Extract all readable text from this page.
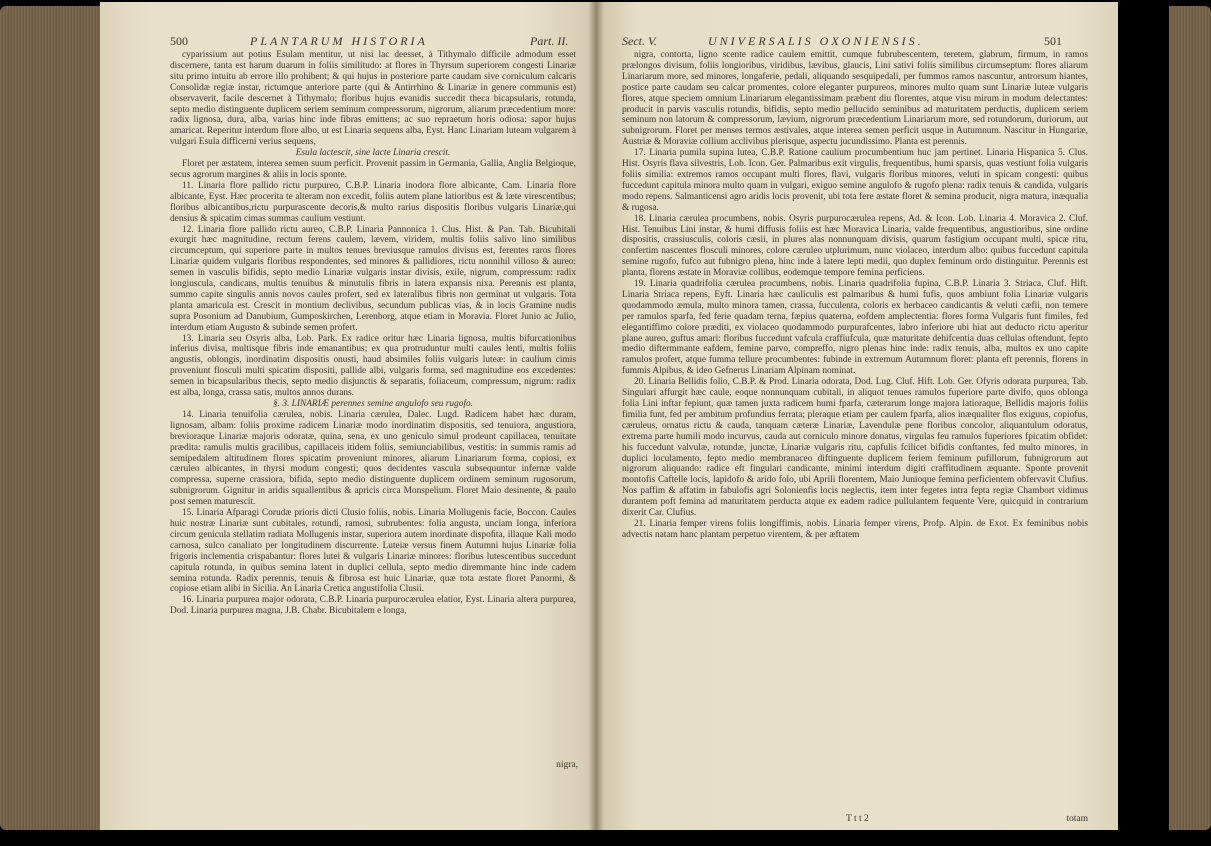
500	PLANTARUM HISTORIA	Part. II.

cyparissium aut potius Esulam mentitur, ut nisi lac deesset, à Tithymalo difficile admodum esset discernere, tanta est harum duarum in foliis similitudo: at flores in Thyrsum superiorem congesti Linariæ situ primo intuitu ab errore illo prohibent; & qui hujus in posteriore parte caudam sive corniculum calcaris Consolidæ regiæ instar, rictumque anteriore parte (qui & Antirrhino & Linariæ in genere communis est) observaverit, facile descernet à Tithymalo; floribus hujus evanidis succedit theca bicapsularis, rotunda, septo medio distinguente duplicem seriem seminum compressorum, nigrorum, aliarum præcedentium more: radix lignosa, dura, alba, varias hinc inde fibras emittens; ac suo repraetum horis odiosa: sapor hujus amaricat. Reperitur interdum flore albo, ut est Linaria sequens alba, Eyst. Hanc Linariam luteam vulgarem à vulgari Esula difficerni verius sequens,

Esula lactescit, sine lacte Linaria crescit.

Floret per æstatem, interea semen suum perficit. Provenit passim in Germania, Gallia, Anglia Belgioque, secus agrorum margines & aliis in locis sponte.

11. Linaria flore pallido rictu purpureo, C.B.P. Linaria inodora flore albicante, Cam. Linaria flore albicante, Eyst. Hæc procerita te alteram non excedit, foliis autem plane latioribus est & læte virescentibus; floribus albicantibus,rictu purpurascente decoris,& multo rarius dispositis floribus vulgaris Linariæ,qui densius & spicatim cimas summas caulium vestiunt.

12. Linaria flore pallido rictu aureo, C.B.P. Linaria Pannonica 1. Clus. Hist. & Pan. Tab. Bicubitali exurgit hæc magnitudine, rectum ferens caulem, lævem, viridem, multis foliis salivo lino similibus circumceptum, qui superiore parte in multos tenues breviusque ramulos divisus est, ferentes raros flores Linariæ quidem vulgaris floribus respondentes, sed minores & pallidiores, rictu nonnihil villoso & aureo: semen in vasculis bifidis, septo medio Linariæ vulgaris instar divisis, exile, nigrum, compressum: radix longiuscula, candicans, multis tenuibus & minutulis fibris in latera expansis nixa. Perennis est planta, summo capite singulis annis novos caules profert, sed ex lateralibus fibris non germinat ut vulgaris. Tota planta amaricula est. Crescit in montium declivibus, secundum publicas vias, & in locis Gramine nudis supra Posonium ad Danubium, Gumposkirchen, Lerenborg, atque etiam in Moravia. Floret Junio ac Julio, interdum etiam Augusto & subinde semen profert.

13. Linaria seu Osyris alba, Lob. Park. Ex radice oritur hæc Linaria lignosa, multis bifurcationibus inferius divisa, multisque fibris inde emanantibus; ex qua protruduntur multi caules lenti, multis foliis angustis, oblongis, inordinatim dispositis onusti, haud absimiles foliis vulgaris luteæ: in caulium cimis proveniunt flosculi multi spicatim dispositi, pallide albi, vulgaris forma, sed magnitudine eos excedentes: semen in bicapsularibus thecis, septo medio disjunctis & separatis, foliaceum, compressum, nigrum: radix est alba, longa, crassa satis, multos annos durans.

§. 3. LINARIÆ perennes semine angulofo seu rugofo.

14. Linaria tenuifolia cærulea, nobis. Linaria cærulea, Dalec. Lugd. Radicem habet hæc duram, lignosam, albam: foliis proxime radicem Linariæ modo inordinatim dispositis, sed tenuiora, angustiora, brevioraque Linariæ majoris odoratæ, quina, sena, ex uno geniculo simul prodeunt capillacea, tenuitate prædita: ramulis multis gracilibus, capillaceis itidem foliis, semiunciabilibus, vestitis: in summis ramis ad semipedalem altitudinem flores spicatim proveniunt minores, aliarum Linariarum forma, copiosi, ex cæruleo albicantes, in thyrsi modum congesti; quos decidentes vascula subsequuntur infernæ valde compressa, superne crassiora, bifida, septo medio distinguente duplicem ordinem seminum rugosorum, subnigrorum. Gignitur in aridis squallentibus & apricis circa Monspelium. Floret Maio desinente, & paulo post semen maturescit.

15. Linaria Afparagi Corudæ prioris dicti Clusio foliis, nobis. Linaria Mollugenis facie, Boccon. Caules huic nostræ Linariæ sunt cubitales, rotundi, ramosi, subrubentes: folia angusta, unciam longa, inferiora circum genicula stellatim radiata Mollugenis instar, superiora autem inordinate dispoﬁta, illaque Kali modo carnosa, sulco canaliato per longitudinem discurrente. Luteiæ versus finem Autumni hujus Linariæ folia frigoris inclementia crispabantur: flores lutei & vulgaris Linariæ minores: floribus lutescentibus succedunt capitula rotunda, in quibus semina latent in duplici cellula, septo medio diremmante hinc inde cadem semina rotunda. Radix perennis, tenuis & fibrosa est huic Linariæ, quæ tota æstate floret Panormi, & copiose etiam alibi in Sicilia. An Linaria Cretica angustifolia Clusii.

16. Linaria purpurea major odorata, C.B.P. Linaria purpurocærulea elatior, Eyst. Linaria altera purpurea, Dod. Linaria purpurea magna, J.B. Chabr. Bicubitalem e longa,

nigra,
Sect. V.	UNIVERSALIS OXONIENSIS.	501

nigra, contorta, ligno scente radice caulem emittit, cumque fubrubescentem, teretem, glabrum, firmum, in ramos prælongos divisum, foliis longioribus, viridibus, lævibus, glaucis, Lini sativi foliis similibus circumseptum: flores aliarum Linariarum more, sed minores, longaferie, pedali, aliquando sesquipedali, per fummos ramos nascuntur, antrorsum hiantes, postice parte caudam seu calcar promentes, colore eleganter purpureos, minores multo quam sunt Linariæ luteæ vulgaris flores, atque speciem omnium Linariarum elegantissimam præbent diu florentes, atque visu mirum in modum delectantes: producit in parvis vasculis rotundis, bifidis, septo medio pellucido seminibus ad maturitatem perductis, duplicem seriem seminum non latorum & compressorum, lævium, nigrorum præcedentium Linariarum more, sed rotundorum, duriorum, aut subnigrorum. Floret per menses termos æstivales, atque interea semen perficit usque in Autumnum. Nascitur in Hungariæ, Austriæ & Moraviæ collium acclivibus plerisque, aspectu jucundissimo. Planta est perennis.

17. Linaria pumila supina lutea, C.B.P. Ratione caulium procumbentium huc jam pertinet. Linaria Hispanica 5. Clus. Hist. Osyris flava silvestris, Lob. Icon. Ger. Palmaribus exit virgulis, frequentibus, humi sparsis, quas vestiunt folia vulgaris foliis similia: extremos ramos occupant multi flores, flavi, vulgaris floribus minores, veluti in spicam congesti: quibus fuccedunt capitula minora multo quam in vulgari, exiguo semine angulofo & rugofo plena: radix tenuis & candida, vulgaris modo repens. Salmanticensi agro aridis locis provenit, ubi tota fere æstate floret & semina producit, nigra matura, inæqualia & rugosa.

18. Linaria cærulea procumbens, nobis. Osyris purpurocærulea repens, Ad. & Icon. Lob. Linaria 4. Moravica 2. Cluf. Hist. Tenuibus Lini instar, & humi diffusis foliis est hæc Moravica Linaria, valde frequentibus, angustioribus, sine ordine dispositis, crassiusculis, coloris cæsii, in plures alas nonnunquam divisis, quarum fastigium occupant multi, spicæ ritu, confertim nascentes flosculi minores, colore cæruleo utplurimum, nunc violaceo, interdum albo: quibus fuccedunt capitula semine rugofo, fufco aut fubnigro plena, hinc inde à latere lepti medii, quo duplex feminum ordo distinguitur. Perennis est planta, florens æstate in Moraviæ collibus, eodemque tempore femina perficiens.

19. Linaria quadrifolia cærulea procumbens, nobis. Linaria quadrifolia fupina, C.B.P. Linaria 3. Striaca, Cluf. Hift. Linaria Striaca repens, Eyft. Linaria hæc cauliculis est palmaribus & humi fufis, quos ambiunt folia Linariæ vulgaris quodammodo æmula, multo minora tamen, crassa, fucculenta, coloris ex herbaceo candicantis & veluti cæfii, non temere per ramulos sparfa, fed ferie quadam terna, fæpius quaterna, eofdem amplectentia: flores forma Vulgaris funt fimiles, fed elegantiffimo colore præditi, ex violaceo quodammodo purpurafcentes, labro inferiore ubi hiat aut deducto rictu aperitur plane aureo, guftus amari: floribus fuccedunt vafcula craffiufcula, quæ maturitate dehifcentia duas cellulas oftendunt, fepto medio diftermmante eafdem, femine parvo, compreffo, nigro plenas hinc inde: radix tenuis, alba, multos ex uno capite ramulos profert, atque fumma tellure procumbentes: fubinde in extremum Autumnum floret: planta eft perennis, florens in fummis Alpibus, & ideo Gefnerus Linariam Alpinam nominat.

20. Linaria Bellidis folio, C.B.P. & Prod. Linaria odorata, Dod. Lug. Cluf. Hift. Lob. Ger. Ofyris odorata purpurea, Tab. Singulari affurgit hæc caule, eoque nonnunquam cubitali, in aliquot tenues ramulos fuperiore parte divifo, quos oblonga folia Lini inftar fepiunt, quæ tamen juxta radicem humi fparfa, cæterarum longe majora latioraque, Bellidis majoris foliis fimilia funt, fed per ambitum profundius ferrata; pleraque etiam per caulem fparfa, alios inæqualiter flos exiguus, copiofus, cæruleus, ornatus rictu & cauda, tanquam cæteræ Linariæ, Lavendulæ pene floribus concolor, aliquantulum odoratus, extrema parte humili modo incurvus, cauda aut corniculo minore donatus, virgulas feu ramulos fuperiores fpicatim obfidet: his fuccedunt valvulæ, rotundæ, junctæ, Linariæ vulgaris ritu, capfulis fcilicet bifidis conftantes, fed multo minores, in duplici loculamento, fepto medio membranaceo diftinguente duplicem feriem feminum pufillorum, fubnigrorum aut nigrorum aliquando: radice eft fingulari candicante, minimi interdum digiti craffitudinem æquante. Sponte provenit montofis Caftelle locis, lapidofo & arido folo, ubi Aprili florentem, Maio Junioque femina perficientem obfervavit Clufius. Nos paffim & affatim in fabulofis agri Solonienfis locis neglectis, item inter fegetes intra fepta regiæ Chambort vidimus durantem poft femina ad maturitatem perducta atque ex eadem radice pullulantem fequente Vere, quicquid in contrarium dixerit Car. Clufius.

21. Linaria femper virens foliis longiffimis, nobis. Linaria femper virens, Profp. Alpin. de Exot. Ex feminibus nobis advectis natam hanc plantam perpetuo virentem, & per æftatem

T t t 2	totam
